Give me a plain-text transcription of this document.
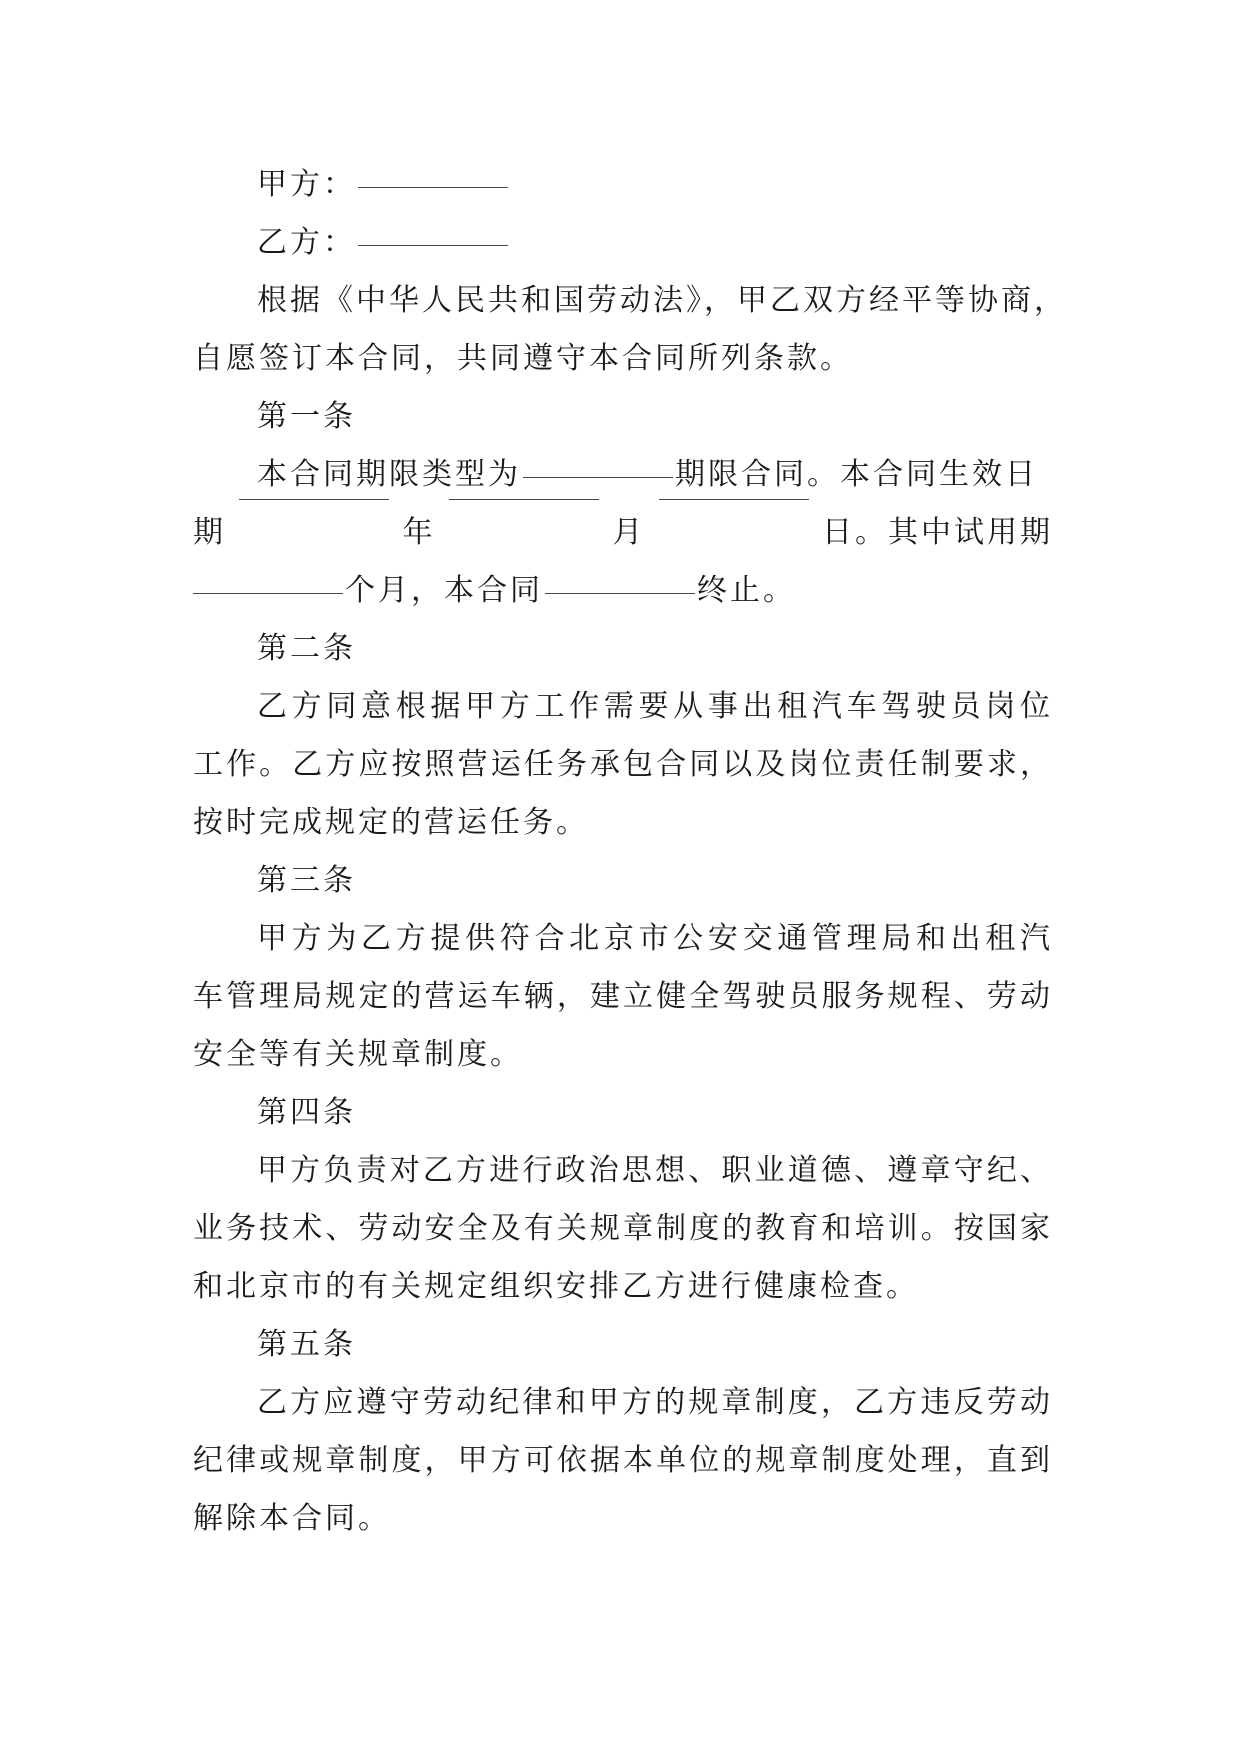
甲方：
乙方：
根据《中华人民共和国劳动法》，甲乙双方经平等协商，
自愿签订本合同，共同遵守本合同所列条款。
第一条
本合同期限类型为	期限合同。本合同生效日
期	年	月	日。其中试用期
个月，本合同	终止。
第二条
乙方同意根据甲方工作需要从事出租汽车驾驶员岗位
工作。乙方应按照营运任务承包合同以及岗位责任制要求，
按时完成规定的营运任务。
第三条
甲方为乙方提供符合北京市公安交通管理局和出租汽
车管理局规定的营运车辆，建立健全驾驶员服务规程、劳动
安全等有关规章制度。
第四条
甲方负责对乙方进行政治思想、职业道德、遵章守纪、
业务技术、劳动安全及有关规章制度的教育和培训。按国家
和北京市的有关规定组织安排乙方进行健康检查。
第五条
乙方应遵守劳动纪律和甲方的规章制度，乙方违反劳动
纪律或规章制度，甲方可依据本单位的规章制度处理，直到
解除本合同。
